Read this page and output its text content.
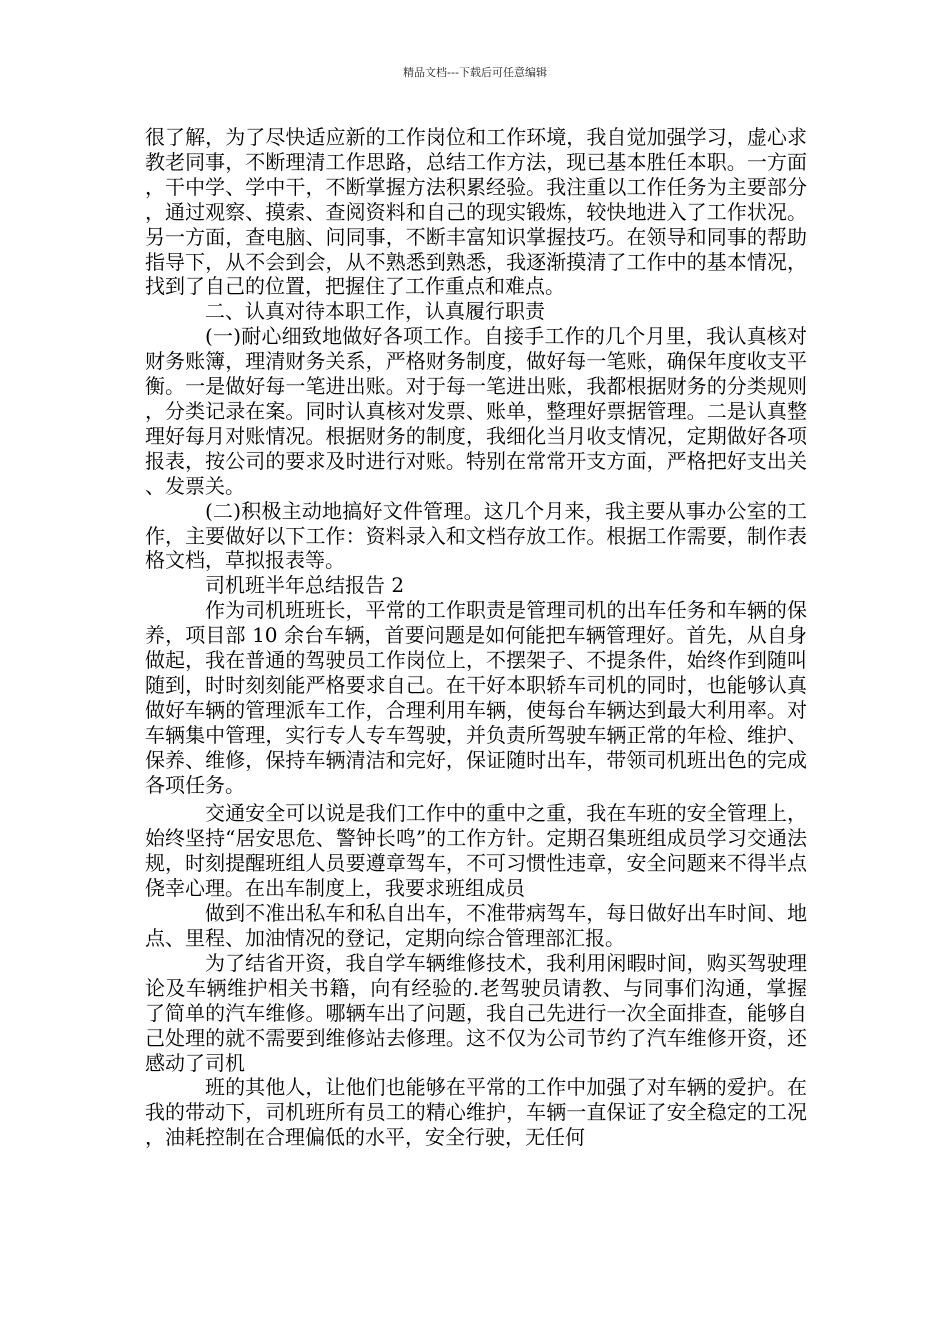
精品文档---下载后可任意编辑

很了解，为了尽快适应新的工作岗位和工作环境，我自觉加强学习，虚心求教老同事，不断理清工作思路，总结工作方法，现已基本胜任本职。一方面，干中学、学中干，不断掌握方法积累经验。我注重以工作任务为主要部分，通过观察、摸索、查阅资料和自己的现实锻炼，较快地进入了工作状况。另一方面，查电脑、问同事，不断丰富知识掌握技巧。在领导和同事的帮助指导下，从不会到会，从不熟悉到熟悉，我逐渐摸清了工作中的基本情况，找到了自己的位置，把握住了工作重点和难点。

二、认真对待本职工作，认真履行职责

(一)耐心细致地做好各项工作。自接手工作的几个月里，我认真核对财务账簿，理清财务关系，严格财务制度，做好每一笔账，确保年度收支平衡。一是做好每一笔进出账。对于每一笔进出账，我都根据财务的分类规则，分类记录在案。同时认真核对发票、账单，整理好票据管理。二是认真整理好每月对账情况。根据财务的制度，我细化当月收支情况，定期做好各项报表，按公司的要求及时进行对账。特别在常常开支方面，严格把好支出关、发票关。

(二)积极主动地搞好文件管理。这几个月来，我主要从事办公室的工作，主要做好以下工作：资料录入和文档存放工作。根据工作需要，制作表格文档，草拟报表等。

司机班半年总结报告 2

作为司机班班长，平常的工作职责是管理司机的出车任务和车辆的保养，项目部 10 余台车辆，首要问题是如何能把车辆管理好。首先，从自身做起，我在普通的驾驶员工作岗位上，不摆架子、不提条件，始终作到随叫随到，时时刻刻能严格要求自己。在干好本职轿车司机的同时，也能够认真做好车辆的管理派车工作，合理利用车辆，使每台车辆达到最大利用率。对车辆集中管理，实行专人专车驾驶，并负责所驾驶车辆正常的年检、维护、保养、维修，保持车辆清洁和完好，保证随时出车，带领司机班出色的完成各项任务。

交通安全可以说是我们工作中的重中之重，我在车班的安全管理上，始终坚持“居安思危、警钟长鸣”的工作方针。定期召集班组成员学习交通法规，时刻提醒班组人员要遵章驾车，不可习惯性违章，安全问题来不得半点侥幸心理。在出车制度上，我要求班组成员

做到不准出私车和私自出车，不准带病驾车，每日做好出车时间、地点、里程、加油情况的登记，定期向综合管理部汇报。

为了结省开资，我自学车辆维修技术，我利用闲暇时间，购买驾驶理论及车辆维护相关书籍，向有经验的.老驾驶员请教、与同事们沟通，掌握了简单的汽车维修。哪辆车出了问题，我自己先进行一次全面排查，能够自己处理的就不需要到维修站去修理。这不仅为公司节约了汽车维修开资，还感动了司机

班的其他人，让他们也能够在平常的工作中加强了对车辆的爱护。在我的带动下，司机班所有员工的精心维护，车辆一直保证了安全稳定的工况，油耗控制在合理偏低的水平，安全行驶，无任何
